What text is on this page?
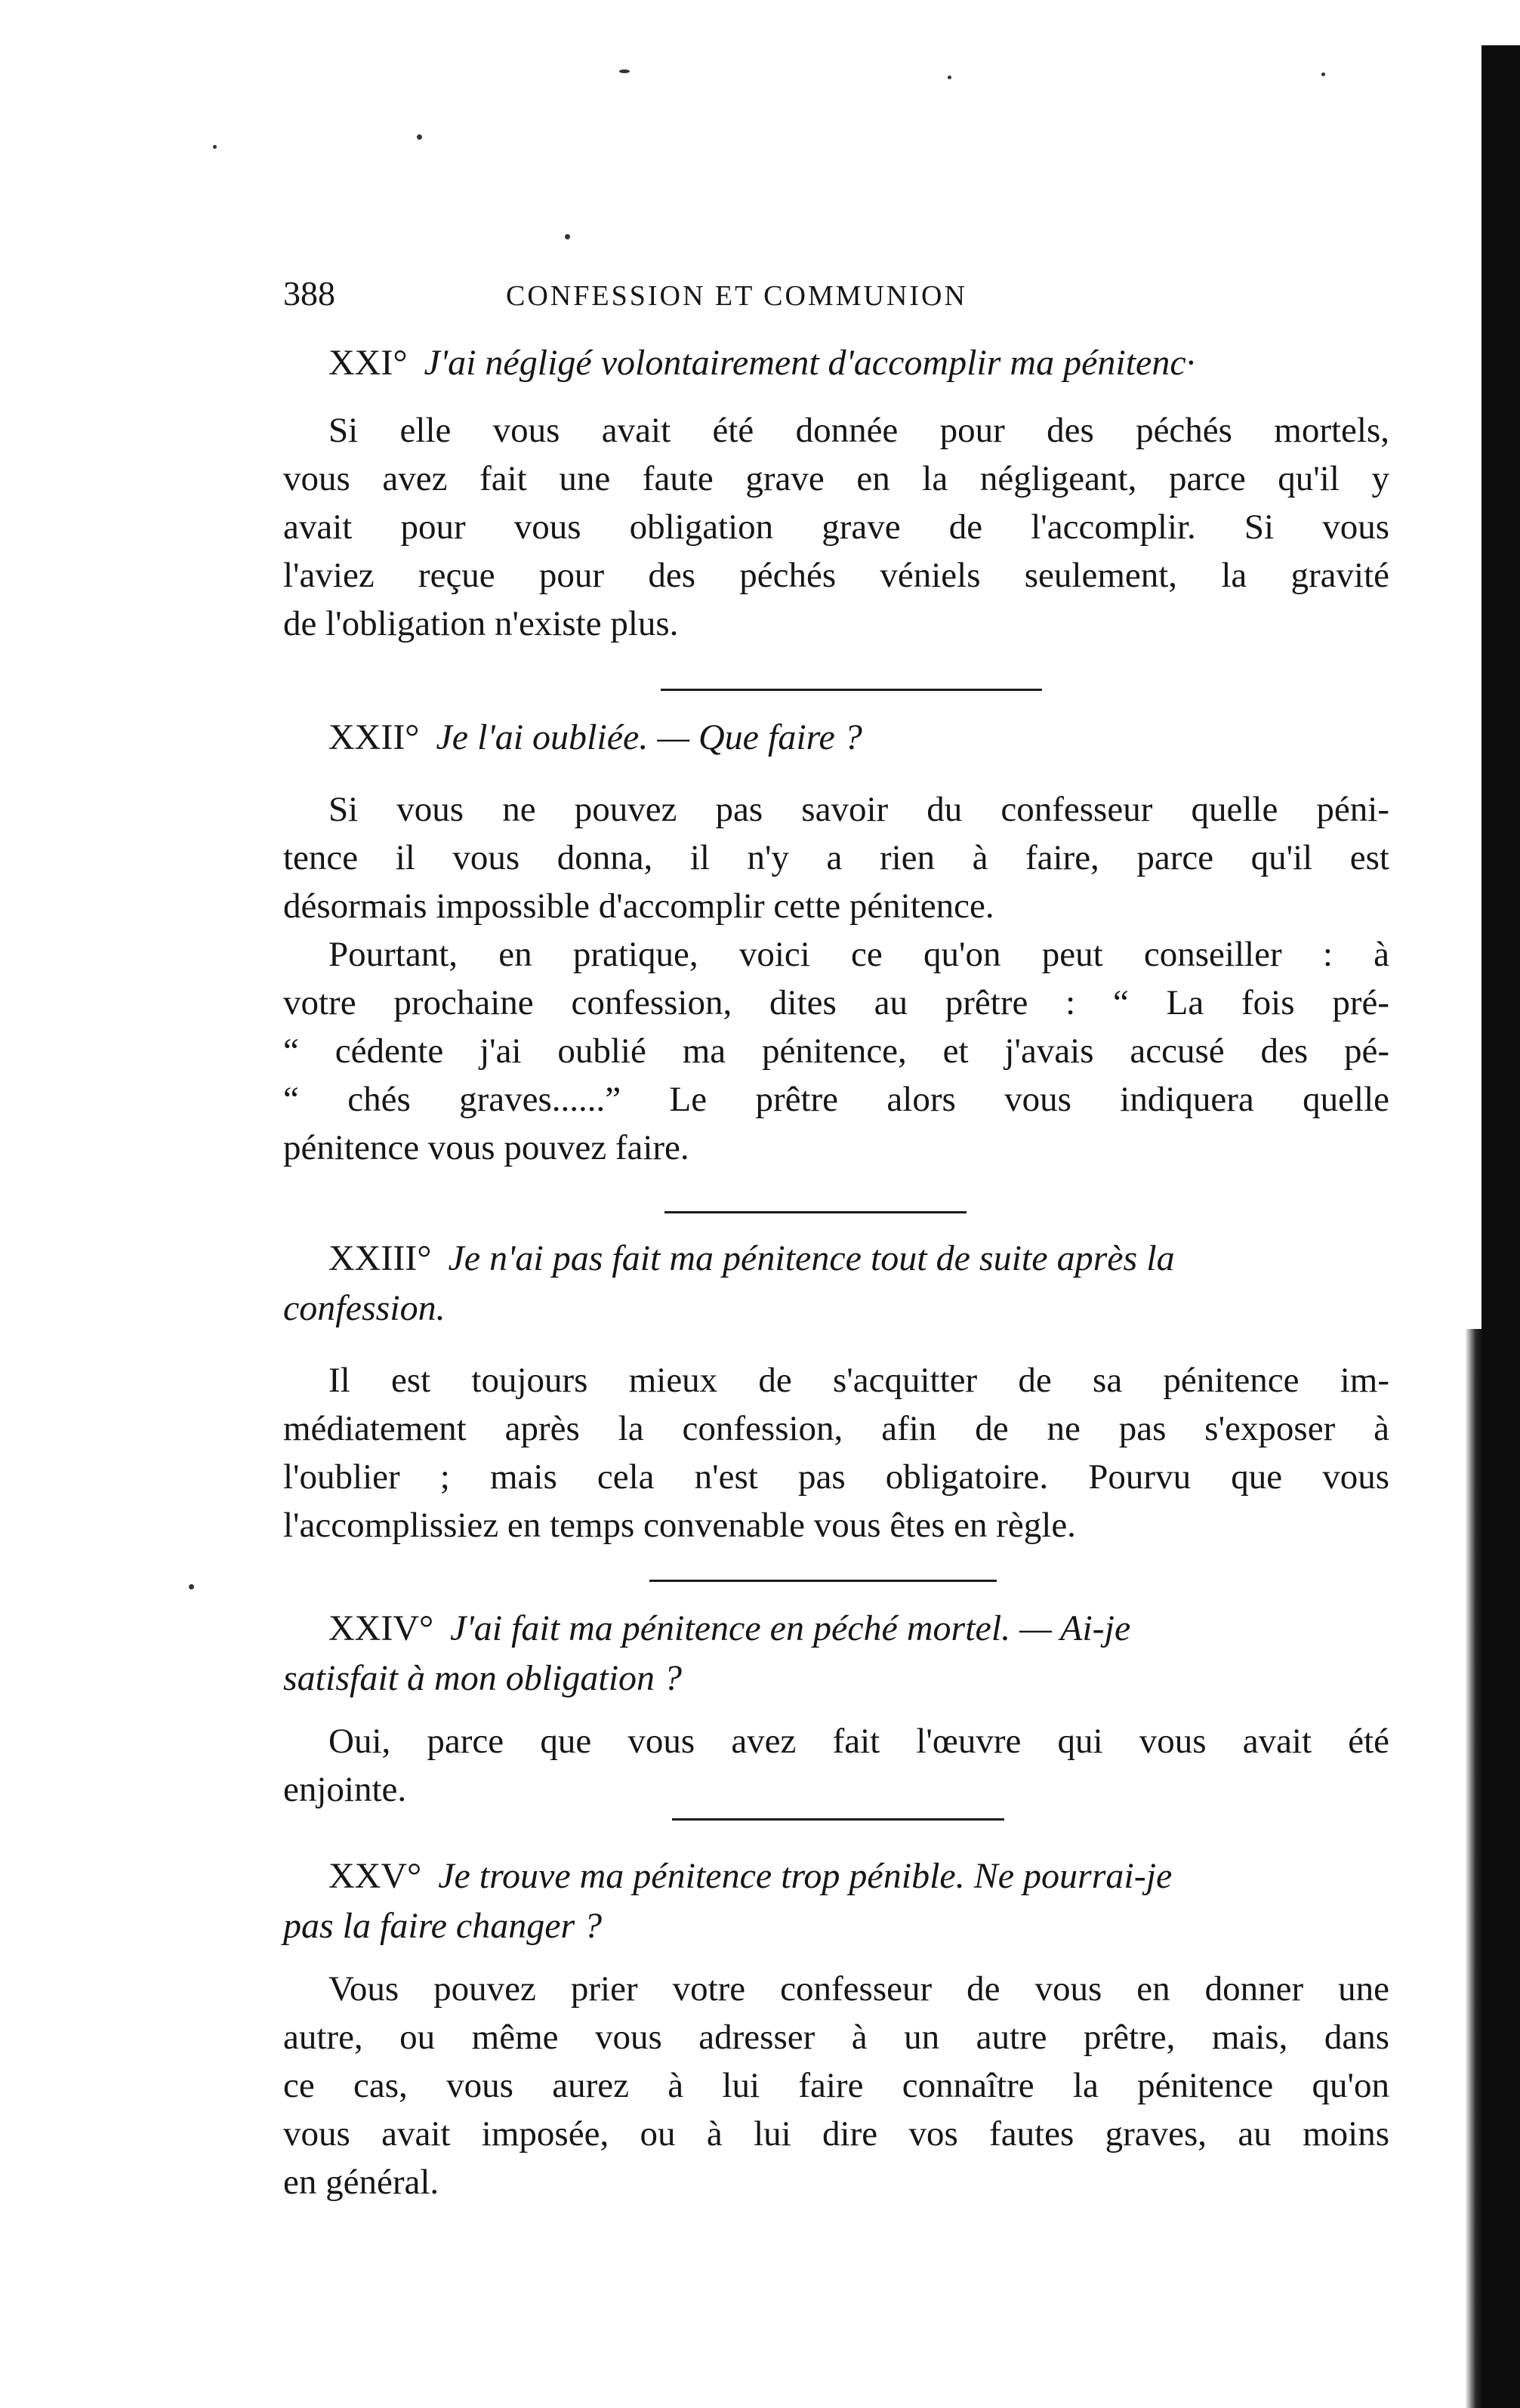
388	CONFESSION ET COMMUNION
XXI° J'ai négligé volontairement d'accomplir ma pénitenc·
Si elle vous avait été donnée pour des péchés mortels,
vous avez fait une faute grave en la négligeant, parce qu'il y
avait pour vous obligation grave de l'accomplir. Si vous
l'aviez reçue pour des péchés véniels seulement, la gravité
de l'obligation n'existe plus.
XXII° Je l'ai oubliée. — Que faire ?
Si vous ne pouvez pas savoir du confesseur quelle péni-
tence il vous donna, il n'y a rien à faire, parce qu'il est
désormais impossible d'accomplir cette pénitence.
Pourtant, en pratique, voici ce qu'on peut conseiller : à
votre prochaine confession, dites au prêtre : “ La fois pré-
“ cédente j'ai oublié ma pénitence, et j'avais accusé des pé-
“ chés graves......” Le prêtre alors vous indiquera quelle
pénitence vous pouvez faire.
XXIII° Je n'ai pas fait ma pénitence tout de suite après la
confession.
Il est toujours mieux de s'acquitter de sa pénitence im-
médiatement après la confession, afin de ne pas s'exposer à
l'oublier ; mais cela n'est pas obligatoire. Pourvu que vous
l'accomplissiez en temps convenable vous êtes en règle.
XXIV° J'ai fait ma pénitence en péché mortel. — Ai-je
satisfait à mon obligation ?
Oui, parce que vous avez fait l'œuvre qui vous avait été
enjointe.
XXV° Je trouve ma pénitence trop pénible. Ne pourrai-je
pas la faire changer ?
Vous pouvez prier votre confesseur de vous en donner une
autre, ou même vous adresser à un autre prêtre, mais, dans
ce cas, vous aurez à lui faire connaître la pénitence qu'on
vous avait imposée, ou à lui dire vos fautes graves, au moins
en général.
